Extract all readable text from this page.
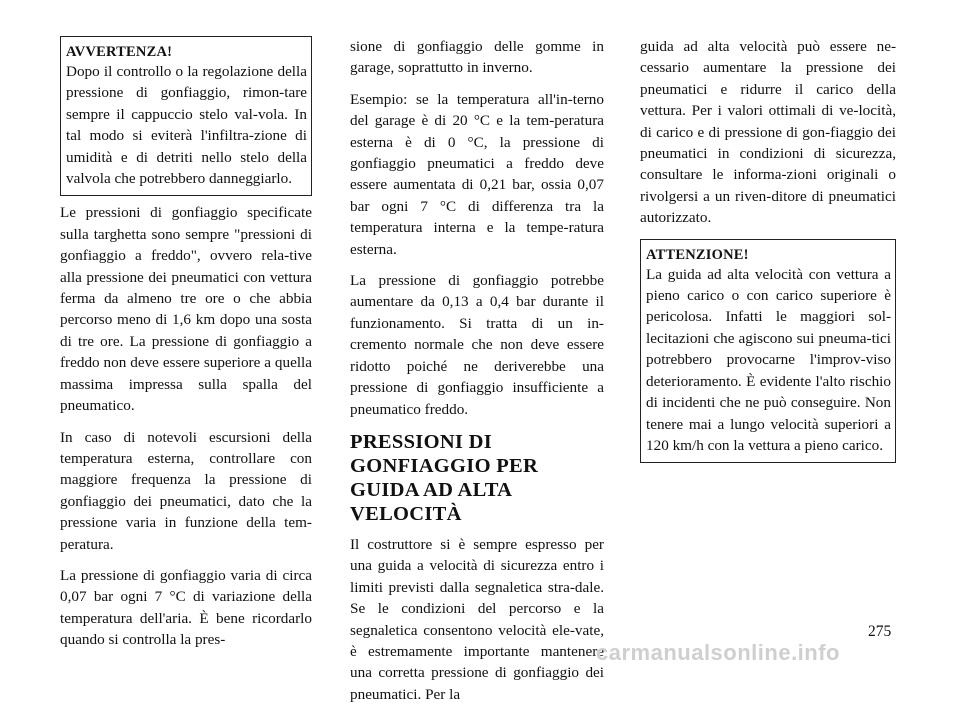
AVVERTENZA!

Dopo il controllo o la regolazione della pressione di gonfiaggio, rimon-tare sempre il cappuccio stelo val-vola. In tal modo si eviterà l'infiltra-zione di umidità e di detriti nello stelo della valvola che potrebbero danneggiarlo.

Le pressioni di gonfiaggio specificate sulla targhetta sono sempre "pressioni di gonfiaggio a freddo", ovvero rela-tive alla pressione dei pneumatici con vettura ferma da almeno tre ore o che abbia percorso meno di 1,6 km dopo una sosta di tre ore. La pressione di gonfiaggio a freddo non deve essere superiore a quella massima impressa sulla spalla del pneumatico.

In caso di notevoli escursioni della temperatura esterna, controllare con maggiore frequenza la pressione di gonfiaggio dei pneumatici, dato che la pressione varia in funzione della tem-peratura.

La pressione di gonfiaggio varia di circa 0,07 bar ogni 7 °C di variazione della temperatura dell'aria. È bene ricordarlo quando si controlla la pres-

sione di gonfiaggio delle gomme in garage, soprattutto in inverno.

Esempio: se la temperatura all'in-terno del garage è di 20 °C e la tem-peratura esterna è di 0 °C, la pressione di gonfiaggio pneumatici a freddo deve essere aumentata di 0,21 bar, ossia 0,07 bar ogni 7 °C di differenza tra la temperatura interna e la tempe-ratura esterna.

La pressione di gonfiaggio potrebbe aumentare da 0,13 a 0,4 bar durante il funzionamento. Si tratta di un in-cremento normale che non deve essere ridotto poiché ne deriverebbe una pressione di gonfiaggio insufficiente a pneumatico freddo.

PRESSIONI DI GONFIAGGIO PER GUIDA AD ALTA VELOCITÀ

Il costruttore si è sempre espresso per una guida a velocità di sicurezza entro i limiti previsti dalla segnaletica stra-dale. Se le condizioni del percorso e la segnaletica consentono velocità ele-vate, è estremamente importante mantenere una corretta pressione di gonfiaggio dei pneumatici. Per la

guida ad alta velocità può essere ne-cessario aumentare la pressione dei pneumatici e ridurre il carico della vettura. Per i valori ottimali di ve-locità, di carico e di pressione di gon-fiaggio dei pneumatici in condizioni di sicurezza, consultare le informa-zioni originali o rivolgersi a un riven-ditore di pneumatici autorizzato.

ATTENZIONE!

La guida ad alta velocità con vettura a pieno carico o con carico superiore è pericolosa. Infatti le maggiori sol-lecitazioni che agiscono sui pneuma-tici potrebbero provocarne l'improv-viso deterioramento. È evidente l'alto rischio di incidenti che ne può conseguire. Non tenere mai a lungo velocità superiori a 120 km/h con la vettura a pieno carico.

275
carmanualsonline.info
